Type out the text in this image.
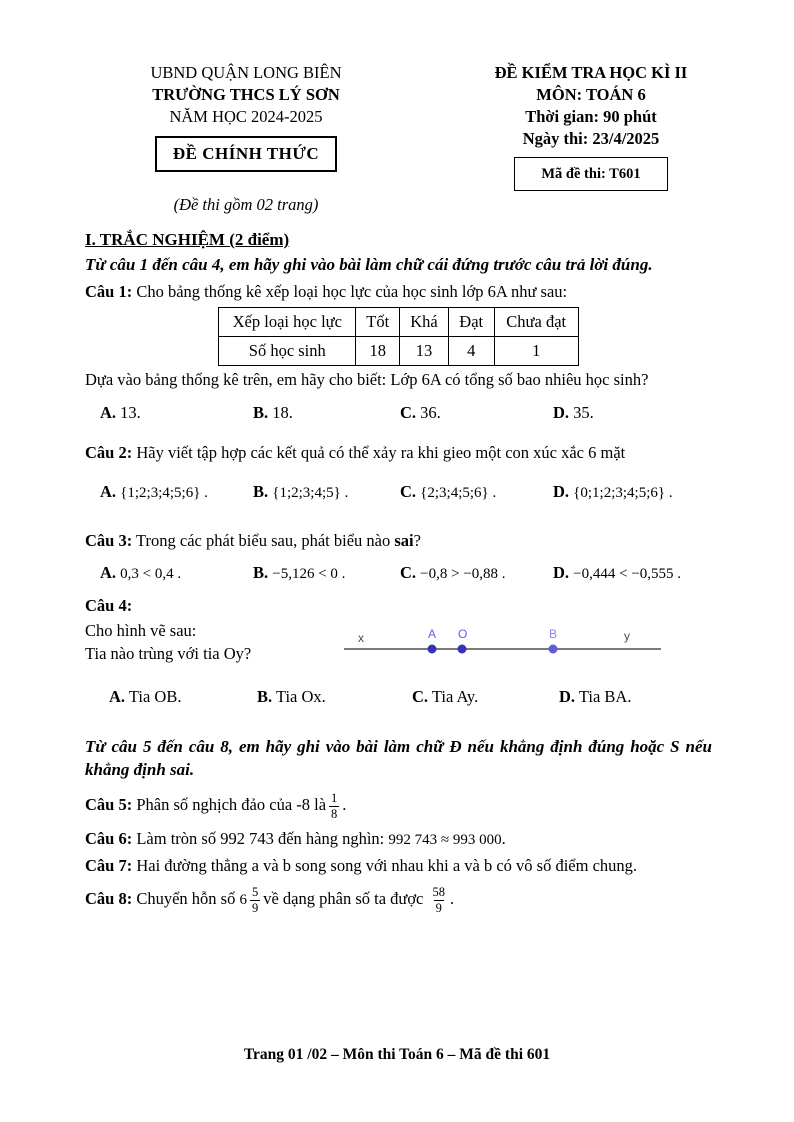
UBND QUẬN LONG BIÊN
TRƯỜNG THCS LÝ SƠN
NĂM HỌC 2024-2025
ĐỀ CHÍNH THỨC
(Đề thi gồm 02 trang)
ĐỀ KIỂM TRA HỌC KÌ II
MÔN: TOÁN 6
Thời gian: 90 phút
Ngày thi: 23/4/2025
Mã đề thi: T601
I. TRẮC NGHIỆM (2 điểm)
Từ câu 1 đến câu 4, em hãy ghi vào bài làm chữ cái đứng trước câu trả lời đúng.
Câu 1: Cho bảng thống kê xếp loại học lực của học sinh lớp 6A như sau:
Xếp loại học lực	Tốt	Khá	Đạt	Chưa đạt
Số học sinh	18	13	4	1
Dựa vào bảng thống kê trên, em hãy cho biết: Lớp 6A có tổng số bao nhiêu học sinh?
A. 13.	B. 18.	C. 36.	D. 35.
Câu 2: Hãy viết tập hợp các kết quả có thể xảy ra khi gieo một con xúc xắc 6 mặt
A. {1;2;3;4;5;6} .	B. {1;2;3;4;5} .	C. {2;3;4;5;6} .	D. {0;1;2;3;4;5;6} .
Câu 3: Trong các phát biểu sau, phát biểu nào sai?
A. 0,3 < 0,4 .	B. −5,126 < 0 .	C. −0,8 > −0,88 .	D. −0,444 < −0,555 .
Câu 4:
Cho hình vẽ sau:
Tia nào trùng với tia Oy?
x	A O	B	y
A. Tia OB.	B. Tia Ox.	C. Tia Ay.	D. Tia BA.
Từ câu 5 đến câu 8, em hãy ghi vào bài làm chữ Đ nếu khẳng định đúng hoặc S nếu khẳng định sai.
Câu 5: Phân số nghịch đảo của -8 là $\frac{1}{8}$ .
Câu 6: Làm tròn số 992 743 đến hàng nghìn: 992 743 ≈ 993 000.
Câu 7: Hai đường thẳng a và b song song với nhau khi a và b có vô số điểm chung.
Câu 8: Chuyển hỗn số $6 \frac{5}{9}$ về dạng phân số ta được $\frac{58}{9}$ .
Trang 01 /02 – Môn thi Toán 6 – Mã đề thi 601
